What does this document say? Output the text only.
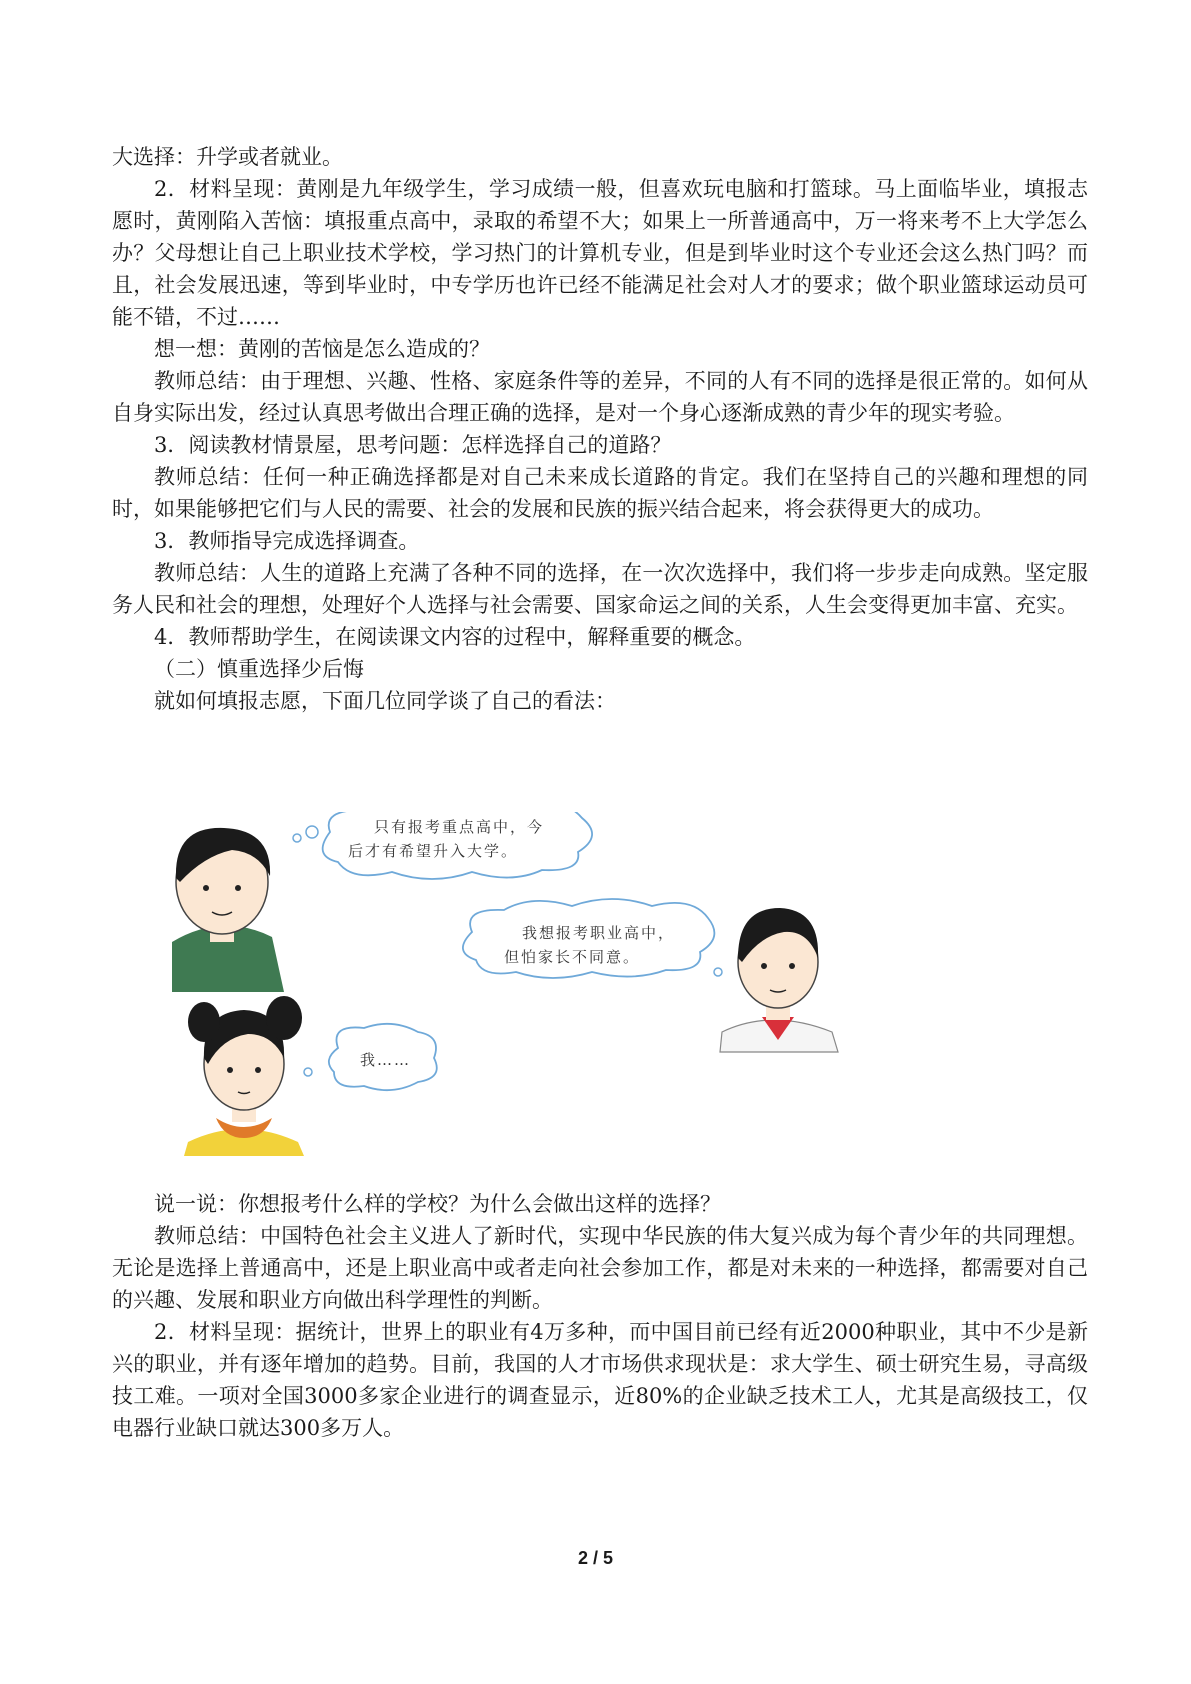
大选择：升学或者就业。

2．材料呈现：黄刚是九年级学生，学习成绩一般，但喜欢玩电脑和打篮球。马上面临毕业，填报志愿时，黄刚陷入苦恼：填报重点高中，录取的希望不大；如果上一所普通高中，万一将来考不上大学怎么办？父母想让自己上职业技术学校，学习热门的计算机专业，但是到毕业时这个专业还会这么热门吗？而且，社会发展迅速，等到毕业时，中专学历也许已经不能满足社会对人才的要求；做个职业篮球运动员可能不错，不过……

想一想：黄刚的苦恼是怎么造成的？

教师总结：由于理想、兴趣、性格、家庭条件等的差异，不同的人有不同的选择是很正常的。如何从自身实际出发，经过认真思考做出合理正确的选择，是对一个身心逐渐成熟的青少年的现实考验。

3．阅读教材情景屋，思考问题：怎样选择自己的道路？

教师总结：任何一种正确选择都是对自己未来成长道路的肯定。我们在坚持自己的兴趣和理想的同时，如果能够把它们与人民的需要、社会的发展和民族的振兴结合起来，将会获得更大的成功。

3．教师指导完成选择调查。

教师总结：人生的道路上充满了各种不同的选择，在一次次选择中，我们将一步步走向成熟。坚定服务人民和社会的理想，处理好个人选择与社会需要、国家命运之间的关系，人生会变得更加丰富、充实。

4．教师帮助学生，在阅读课文内容的过程中，解释重要的概念。

（二）慎重选择少后悔

就如何填报志愿，下面几位同学谈了自己的看法：

只有报考重点高中，今
后才有希望升入大学。
我想报考职业高中，
但怕家长不同意。
我……

说一说：你想报考什么样的学校？为什么会做出这样的选择？

教师总结：中国特色社会主义进人了新时代，实现中华民族的伟大复兴成为每个青少年的共同理想。无论是选择上普通高中，还是上职业高中或者走向社会参加工作，都是对未来的一种选择，都需要对自己的兴趣、发展和职业方向做出科学理性的判断。

2．材料呈现：据统计，世界上的职业有4万多种，而中国目前已经有近2000种职业，其中不少是新兴的职业，并有逐年增加的趋势。目前，我国的人才市场供求现状是：求大学生、硕士研究生易，寻高级技工难。一项对全国3000多家企业进行的调查显示，近80%的企业缺乏技术工人，尤其是高级技工，仅电器行业缺口就达300多万人。

2 / 5
